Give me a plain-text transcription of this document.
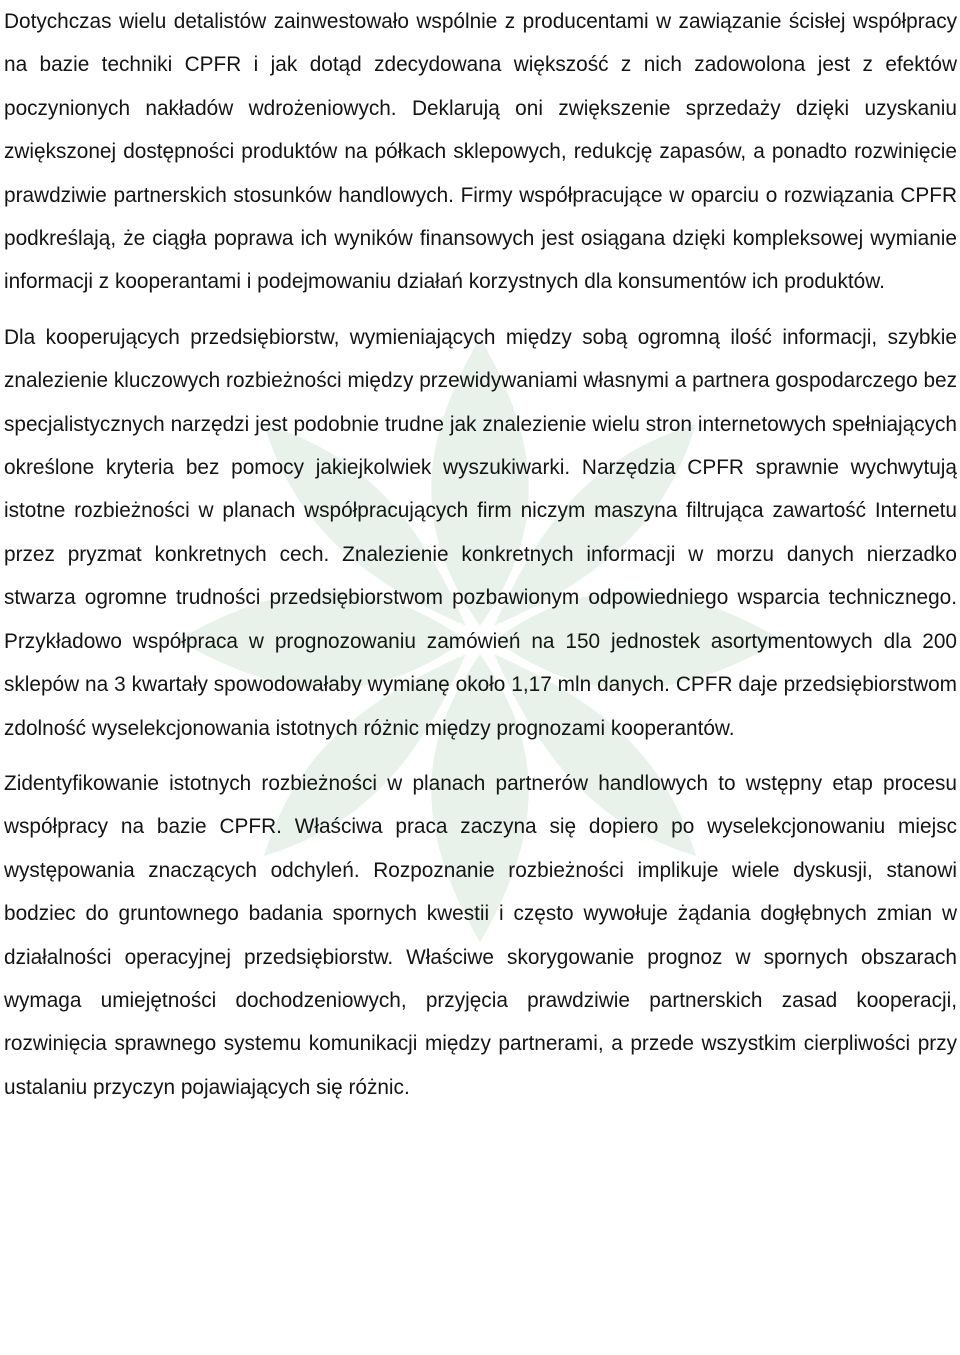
Dotychczas wielu detalistów zainwestowało wspólnie z producentami w zawiązanie ścisłej współpracy na bazie techniki CPFR i jak dotąd zdecydowana większość z nich zadowolona jest z efektów poczynionych nakładów wdrożeniowych. Deklarują oni zwiększenie sprzedaży dzięki uzyskaniu zwiększonej dostępności produktów na półkach sklepowych, redukcję zapasów, a ponadto rozwinięcie prawdziwie partnerskich stosunków handlowych. Firmy współpracujące w oparciu o rozwiązania CPFR podkreślają, że ciągła poprawa ich wyników finansowych jest osiągana dzięki kompleksowej wymianie informacji z kooperantami i podejmowaniu działań korzystnych dla konsumentów ich produktów.

Dla kooperujących przedsiębiorstw, wymieniających między sobą ogromną ilość informacji, szybkie znalezienie kluczowych rozbieżności między przewidywaniami własnymi a partnera gospodarczego bez specjalistycznych narzędzi jest podobnie trudne jak znalezienie wielu stron internetowych spełniających określone kryteria bez pomocy jakiejkolwiek wyszukiwarki. Narzędzia CPFR sprawnie wychwytują istotne rozbieżności w planach współpracujących firm niczym maszyna filtrująca zawartość Internetu przez pryzmat konkretnych cech. Znalezienie konkretnych informacji w morzu danych nierzadko stwarza ogromne trudności przedsiębiorstwom pozbawionym odpowiedniego wsparcia technicznego. Przykładowo współpraca w prognozowaniu zamówień na 150 jednostek asortymentowych dla 200 sklepów na 3 kwartały spowodowałaby wymianę około 1,17 mln danych. CPFR daje przedsiębiorstwom zdolność wyselekcjonowania istotnych różnic między prognozami kooperantów.

Zidentyfikowanie istotnych rozbieżności w planach partnerów handlowych to wstępny etap procesu współpracy na bazie CPFR. Właściwa praca zaczyna się dopiero po wyselekcjonowaniu miejsc występowania znaczących odchyleń. Rozpoznanie rozbieżności implikuje wiele dyskusji, stanowi bodziec do gruntownego badania spornych kwestii i często wywołuje żądania dogłębnych zmian w działalności operacyjnej przedsiębiorstw. Właściwe skorygowanie prognoz w spornych obszarach wymaga umiejętności dochodzeniowych, przyjęcia prawdziwie partnerskich zasad kooperacji, rozwinięcia sprawnego systemu komunikacji między partnerami, a przede wszystkim cierpliwości przy ustalaniu przyczyn pojawiających się różnic.
